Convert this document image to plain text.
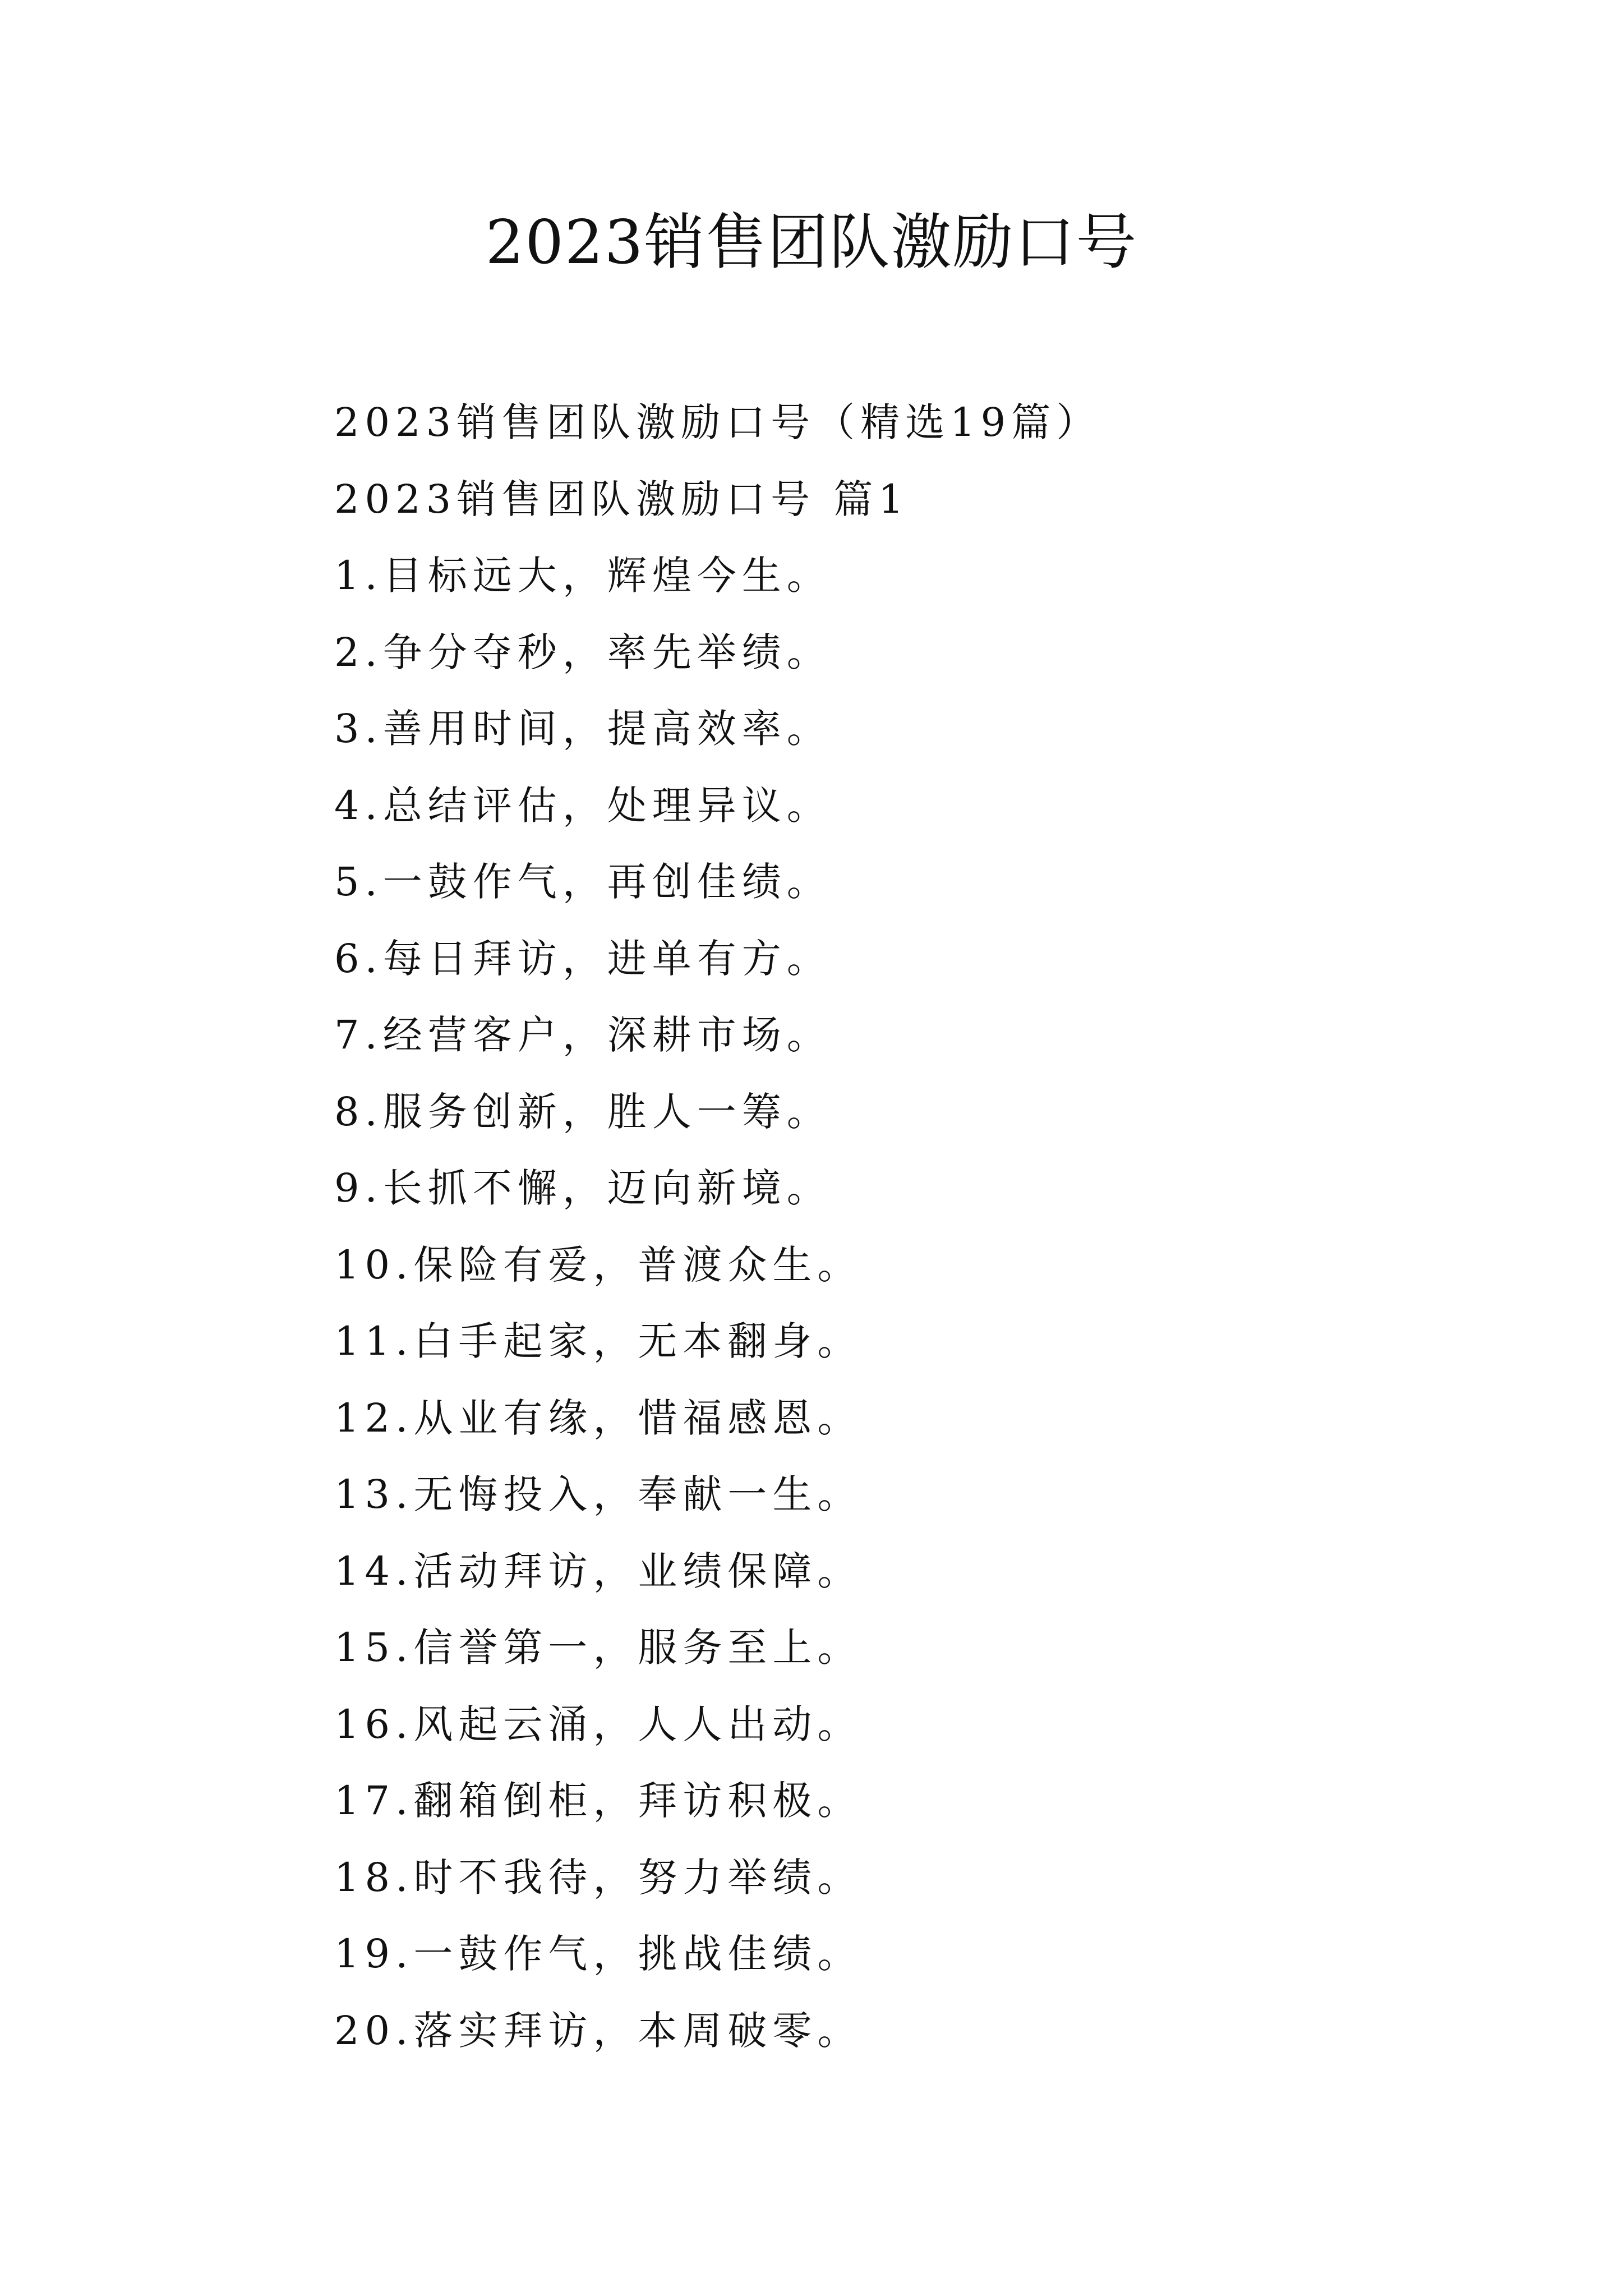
2023销售团队激励口号
2023销售团队激励口号（精选19篇）
2023销售团队激励口号 篇1
1.目标远大，辉煌今生。
2.争分夺秒，率先举绩。
3.善用时间，提高效率。
4.总结评估，处理异议。
5.一鼓作气，再创佳绩。
6.每日拜访，进单有方。
7.经营客户，深耕市场。
8.服务创新，胜人一筹。
9.长抓不懈，迈向新境。
10.保险有爱，普渡众生。
11.白手起家，无本翻身。
12.从业有缘，惜福感恩。
13.无悔投入，奉献一生。
14.活动拜访，业绩保障。
15.信誉第一，服务至上。
16.风起云涌，人人出动。
17.翻箱倒柜，拜访积极。
18.时不我待，努力举绩。
19.一鼓作气，挑战佳绩。
20.落实拜访，本周破零。
